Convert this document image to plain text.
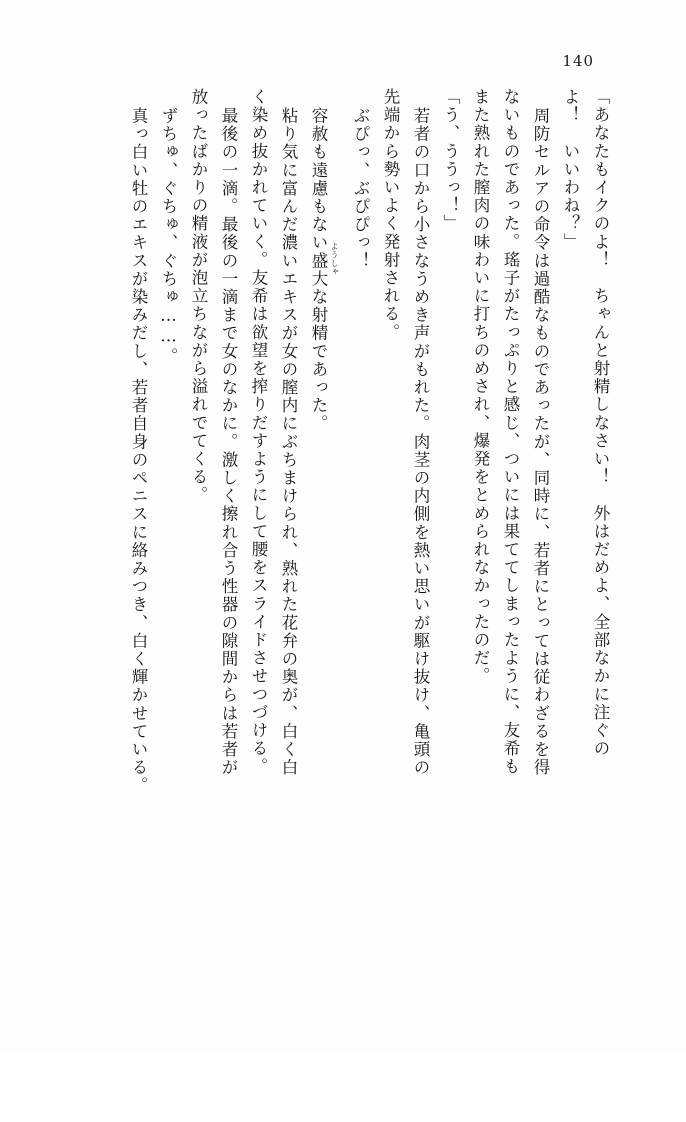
140
「あなたもイクのよ！　ちゃんと射精しなさい！　外はだめよ、全部なかに注ぐの
よ！　いいわね？」
周防セルアの命令は過酷なものであったが、同時に、若者にとっては従わざるを得
ないものであった。瑤子がたっぷりと感じ、ついには果ててしまったように、友希も
また熟れた膣肉の味わいに打ちのめされ、爆発をとめられなかったのだ。
「う、ううっ！」
若者の口から小さなうめき声がもれた。肉茎の内側を熱い思いが駆け抜け、亀頭の
先端から勢いよく発射される。
ぶぴっ、ぶぴぴっ！
ようしゃ
容赦も遠慮もない盛大な射精であった。
粘り気に富んだ濃いエキスが女の膣内にぶちまけられ、熟れた花弁の奥が、白く白
く染め抜かれていく。友希は欲望を搾りだすようにして腰をスライドさせつづける。
最後の一滴。最後の一滴まで女のなかに。激しく擦れ合う性器の隙間からは若者が
放ったばかりの精液が泡立ちながら溢れでてくる。
ずちゅ、ぐちゅ、ぐちゅ……。
真っ白い牡のエキスが染みだし、若者自身のペニスに絡みつき、白く輝かせている。
